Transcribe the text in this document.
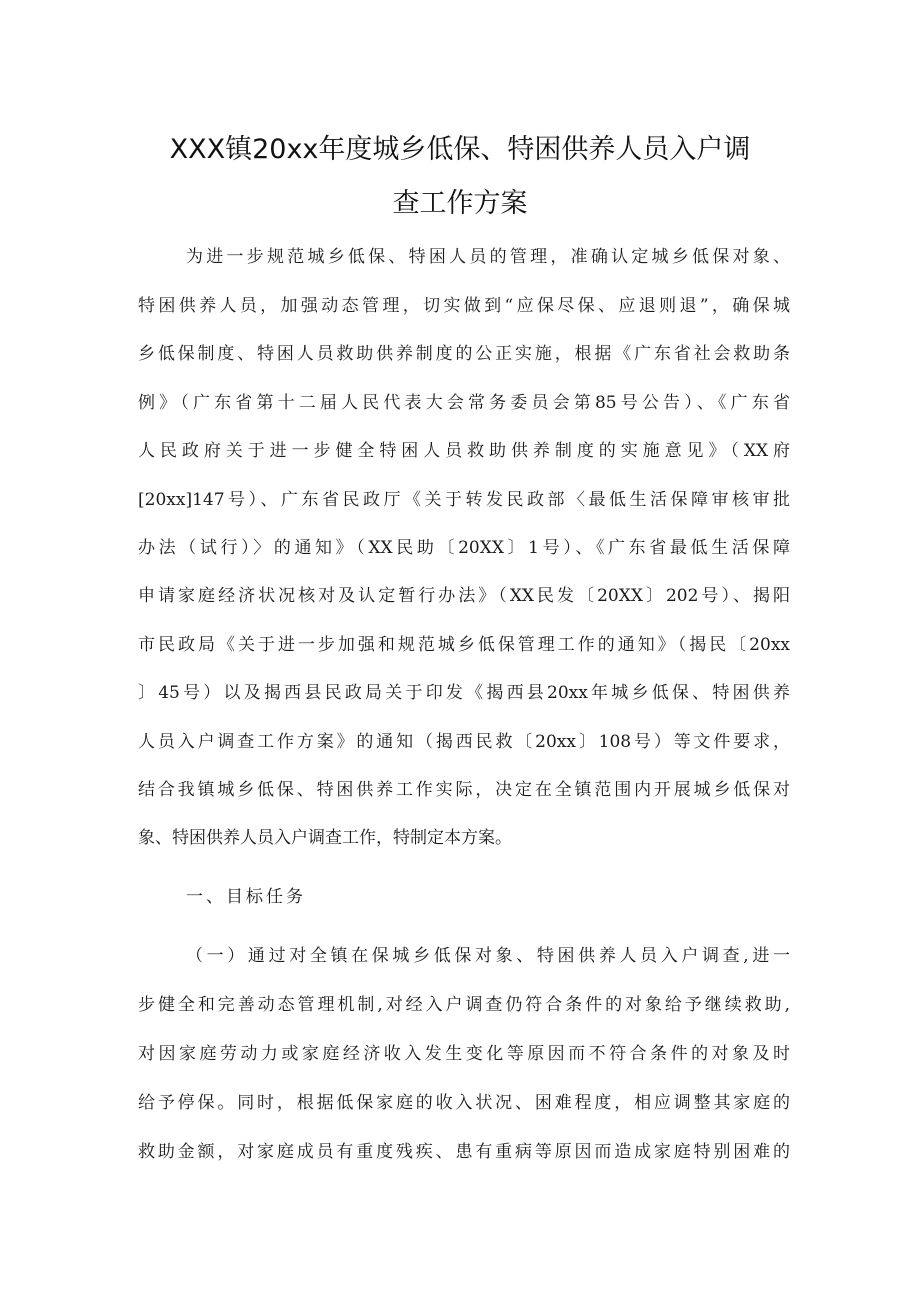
XXX镇20xx年度城乡低保、特困供养人员入户调
查工作方案
为进一步规范城乡低保、特困人员的管理，准确认定城乡低保对象、
特困供养人员，加强动态管理，切实做到“应保尽保、应退则退”，确保城
乡低保制度、特困人员救助供养制度的公正实施，根据《广东省社会救助条
例》（广东省第十二届人民代表大会常务委员会第85号公告）、《广东省
人民政府关于进一步健全特困人员救助供养制度的实施意见》（XX府
[20xx]147号）、广东省民政厅《关于转发民政部〈最低生活保障审核审批
办法（试行）〉的通知》（XX民助〔20XX〕1号）、《广东省最低生活保障
申请家庭经济状况核对及认定暂行办法》（XX民发〔20XX〕202号）、揭阳
市民政局《关于进一步加强和规范城乡低保管理工作的通知》（揭民〔20xx
〕45号）以及揭西县民政局关于印发《揭西县20xx年城乡低保、特困供养
人员入户调查工作方案》的通知（揭西民救〔20xx〕108号）等文件要求，
结合我镇城乡低保、特困供养工作实际，决定在全镇范围内开展城乡低保对
象、特困供养人员入户调查工作，特制定本方案。
一、目标任务
（一）通过对全镇在保城乡低保对象、特困供养人员入户调查,进一
步健全和完善动态管理机制,对经入户调查仍符合条件的对象给予继续救助,
对因家庭劳动力或家庭经济收入发生变化等原因而不符合条件的对象及时
给予停保。同时，根据低保家庭的收入状况、困难程度，相应调整其家庭的
救助金额，对家庭成员有重度残疾、患有重病等原因而造成家庭特别困难的
